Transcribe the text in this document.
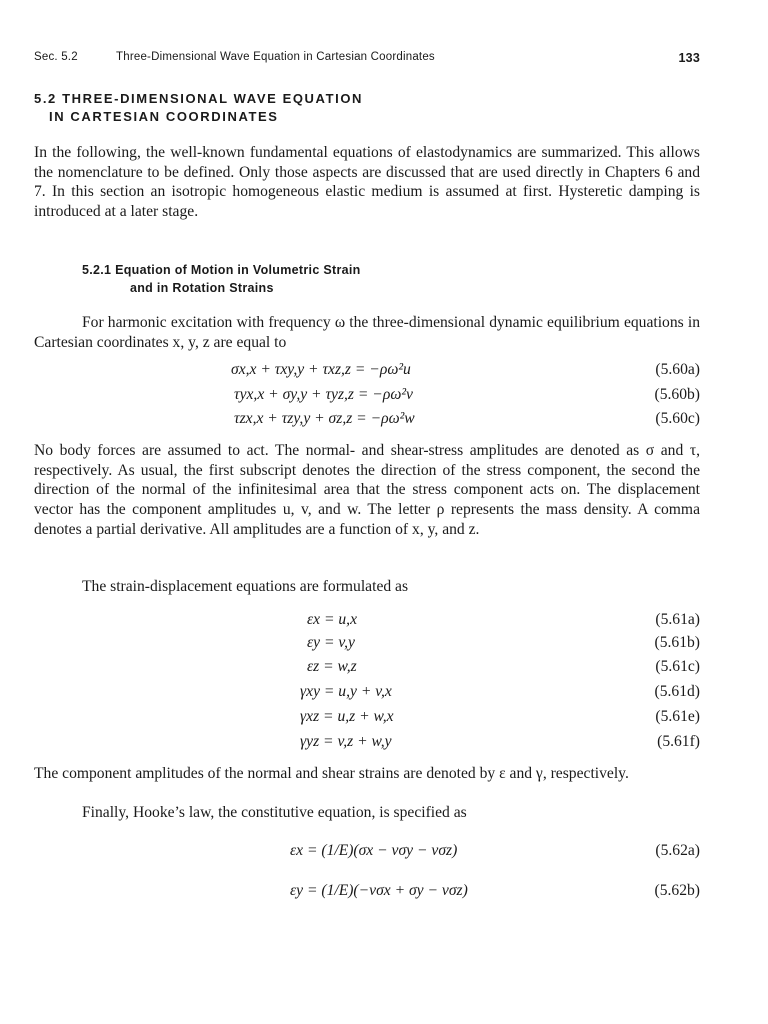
Sec. 5.2	Three-Dimensional Wave Equation in Cartesian Coordinates	133
5.2 THREE-DIMENSIONAL WAVE EQUATION
IN CARTESIAN COORDINATES
In the following, the well-known fundamental equations of elastodynamics are summarized. This allows the nomenclature to be defined. Only those aspects are discussed that are used directly in Chapters 6 and 7. In this section an isotropic homogeneous elastic medium is assumed at first. Hysteretic damping is introduced at a later stage.
5.2.1 Equation of Motion in Volumetric Strain
and in Rotation Strains
For harmonic excitation with frequency ω the three-dimensional dynamic equilibrium equations in Cartesian coordinates x, y, z are equal to
σx,x + τxy,y + τxz,z = −ρω²u	(5.60a)
τyx,x + σy,y + τyz,z = −ρω²v	(5.60b)
τzx,x + τzy,y + σz,z = −ρω²w	(5.60c)
No body forces are assumed to act. The normal- and shear-stress amplitudes are denoted as σ and τ, respectively. As usual, the first subscript denotes the direction of the stress component, the second the direction of the normal of the infinitesimal area that the stress component acts on. The displacement vector has the component amplitudes u, v, and w. The letter ρ represents the mass density. A comma denotes a partial derivative. All amplitudes are a function of x, y, and z.
The strain-displacement equations are formulated as
εx = u,x	(5.61a)
εy = v,y	(5.61b)
εz = w,z	(5.61c)
γxy = u,y + v,x	(5.61d)
γxz = u,z + w,x	(5.61e)
γyz = v,z + w,y	(5.61f)
The component amplitudes of the normal and shear strains are denoted by ε and γ, respectively.
Finally, Hooke’s law, the constitutive equation, is specified as
εx = (1/E)(σx − νσy − νσz)	(5.62a)
εy = (1/E)(−νσx + σy − νσz)	(5.62b)
